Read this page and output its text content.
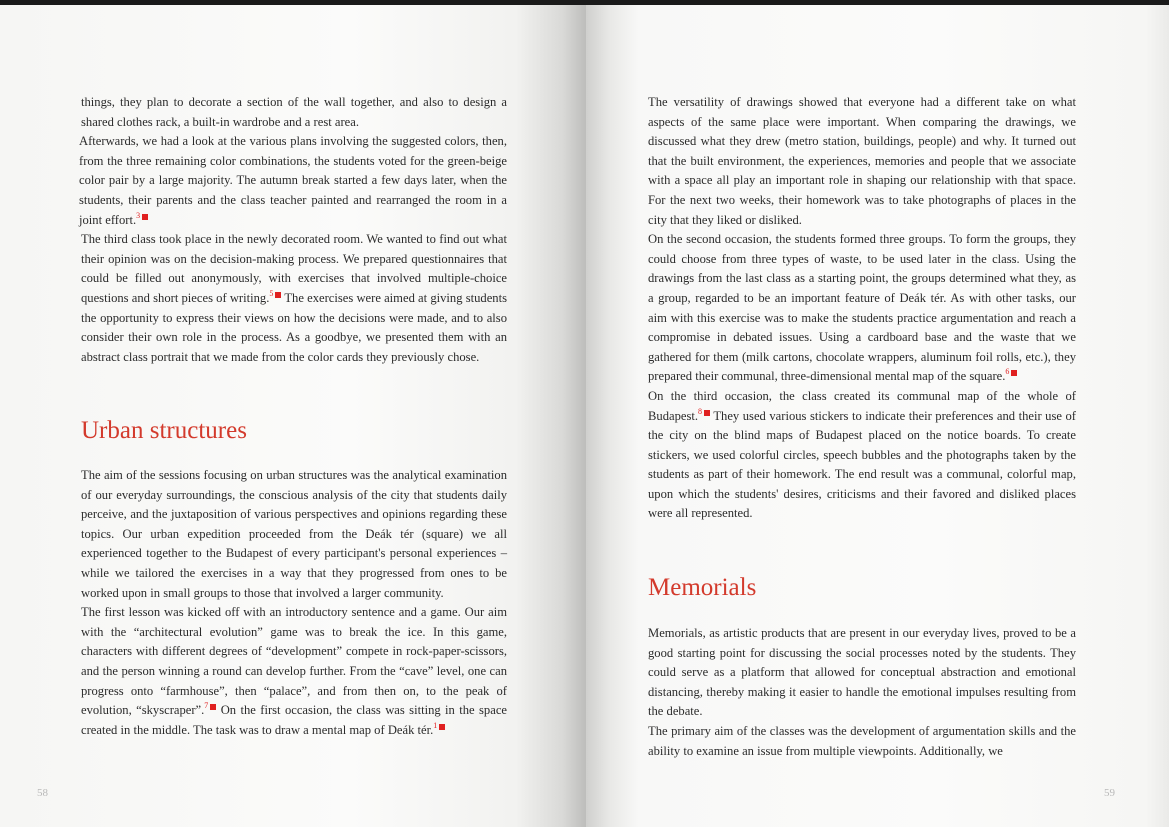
things, they plan to decorate a section of the wall together, and also to design a shared clothes rack, a built-in wardrobe and a rest area.

Afterwards, we had a look at the various plans involving the suggested colors, then, from the three remaining color combinations, the students voted for the green-beige color pair by a large majority. The autumn break started a few days later, when the students, their parents and the class teacher painted and rearranged the room in a joint effort.$^3$

The third class took place in the newly decorated room. We wanted to find out what their opinion was on the decision-making process. We prepared questionnaires that could be filled out anonymously, with exercises that involved multiple-choice questions and short pieces of writing.$^5$ The exercises were aimed at giving students the opportunity to express their views on how the decisions were made, and to also consider their own role in the process. As a goodbye, we presented them with an abstract class portrait that we made from the color cards they previously chose.

Urban structures

The aim of the sessions focusing on urban structures was the analytical examination of our everyday surroundings, the conscious analysis of the city that students daily perceive, and the juxtaposition of various perspectives and opinions regarding these topics. Our urban expedition proceeded from the Deák tér (square) we all experienced together to the Budapest of every participant's personal experiences – while we tailored the exercises in a way that they progressed from ones to be worked upon in small groups to those that involved a larger community.

The first lesson was kicked off with an introductory sentence and a game. Our aim with the “architectural evolution” game was to break the ice. In this game, characters with different degrees of “development” compete in rock-paper-scissors, and the person winning a round can develop further. From the “cave” level, one can progress onto “farmhouse”, then “palace”, and from then on, to the peak of evolution, “skyscraper”.$^7$ On the first occasion, the class was sitting in the space created in the middle. The task was to draw a mental map of Deák tér.$^1$

58

The versatility of drawings showed that everyone had a different take on what aspects of the same place were important. When comparing the drawings, we discussed what they drew (metro station, buildings, people) and why. It turned out that the built environment, the experiences, memories and people that we associate with a space all play an important role in shaping our relationship with that space. For the next two weeks, their homework was to take photographs of places in the city that they liked or disliked.

On the second occasion, the students formed three groups. To form the groups, they could choose from three types of waste, to be used later in the class. Using the drawings from the last class as a starting point, the groups determined what they, as a group, regarded to be an important feature of Deák tér. As with other tasks, our aim with this exercise was to make the students practice argumentation and reach a compromise in debated issues. Using a cardboard base and the waste that we gathered for them (milk cartons, chocolate wrappers, aluminum foil rolls, etc.), they prepared their communal, three-dimensional mental map of the square.$^6$

On the third occasion, the class created its communal map of the whole of Budapest.$^8$ They used various stickers to indicate their preferences and their use of the city on the blind maps of Budapest placed on the notice boards. To create stickers, we used colorful circles, speech bubbles and the photographs taken by the students as part of their homework. The end result was a communal, colorful map, upon which the students' desires, criticisms and their favored and disliked places were all represented.

Memorials

Memorials, as artistic products that are present in our everyday lives, proved to be a good starting point for discussing the social processes noted by the students. They could serve as a platform that allowed for conceptual abstraction and emotional distancing, thereby making it easier to handle the emotional impulses resulting from the debate.

The primary aim of the classes was the development of argumentation skills and the ability to examine an issue from multiple viewpoints. Additionally, we

59
